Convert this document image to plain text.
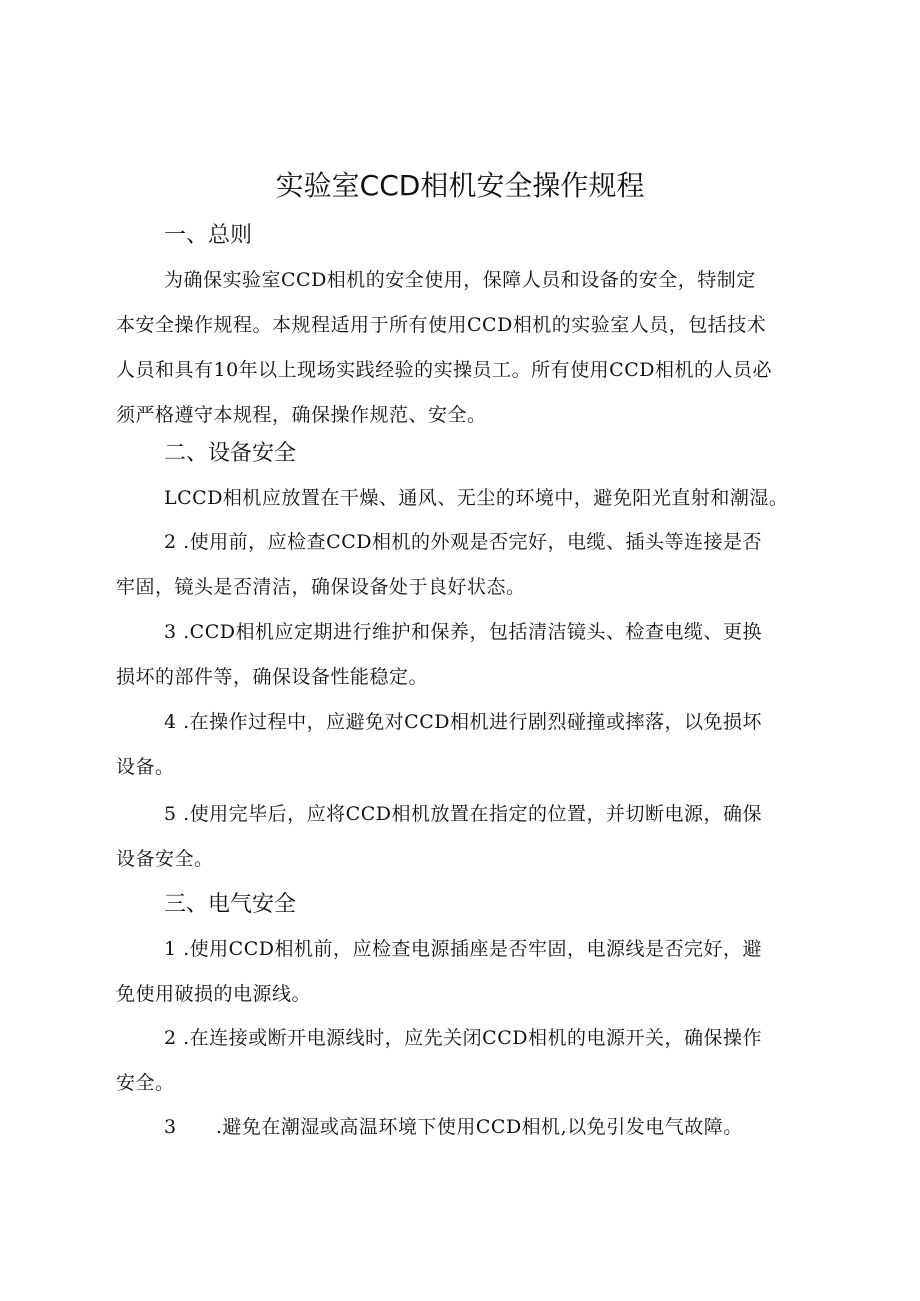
实验室CCD相机安全操作规程
一、总则
为确保实验室CCD相机的安全使用，保障人员和设备的安全，特制定
本安全操作规程。本规程适用于所有使用CCD相机的实验室人员，包括技术
人员和具有10年以上现场实践经验的实操员工。所有使用CCD相机的人员必
须严格遵守本规程，确保操作规范、安全。
二、设备安全
LCCD相机应放置在干燥、通风、无尘的环境中，避免阳光直射和潮湿。
2 .使用前，应检查CCD相机的外观是否完好，电缆、插头等连接是否
牢固，镜头是否清洁，确保设备处于良好状态。
3 .CCD相机应定期进行维护和保养，包括清洁镜头、检查电缆、更换
损坏的部件等，确保设备性能稳定。
4 .在操作过程中，应避免对CCD相机进行剧烈碰撞或摔落，以免损坏
设备。
5 .使用完毕后，应将CCD相机放置在指定的位置，并切断电源，确保
设备安全。
三、电气安全
1 .使用CCD相机前，应检查电源插座是否牢固，电源线是否完好，避
免使用破损的电源线。
2 .在连接或断开电源线时，应先关闭CCD相机的电源开关，确保操作
安全。
3      .避免在潮湿或高温环境下使用CCD相机,以免引发电气故障。
